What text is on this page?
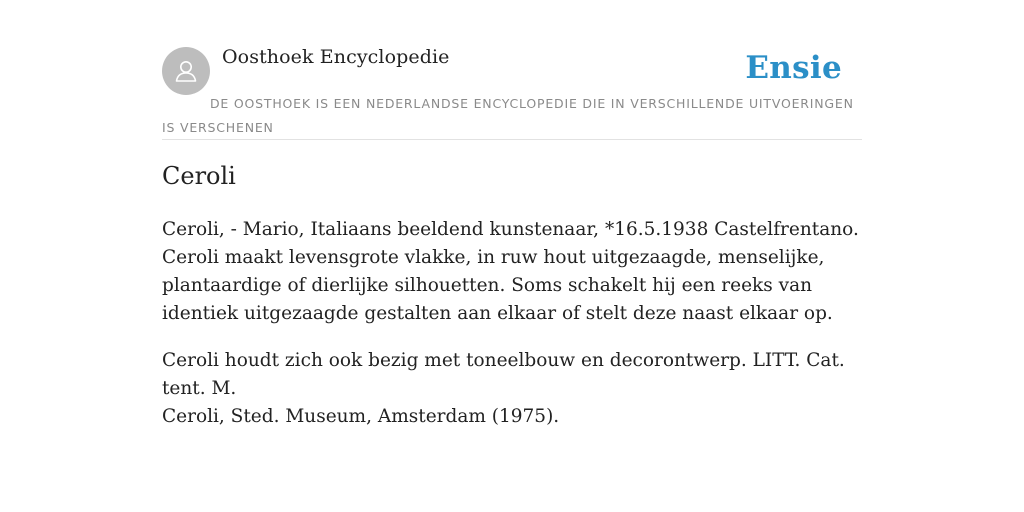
Oosthoek Encyclopedie	Ensie
DE OOSTHOEK IS EEN NEDERLANDSE ENCYCLOPEDIE DIE IN VERSCHILLENDE UITVOERINGEN IS VERSCHENEN
Ceroli

Ceroli, - Mario, Italiaans beeldend kunstenaar, *16.5.1938 Castelfrentano. Ceroli maakt levensgrote vlakke, in ruw hout uitgezaagde, menselijke, plantaardige of dierlijke silhouetten. Soms schakelt hij een reeks van identiek uitgezaagde gestalten aan elkaar of stelt deze naast elkaar op.

Ceroli houdt zich ook bezig met toneelbouw en decorontwerp. LITT. Cat. tent. M.

Ceroli, Sted. Museum, Amsterdam (1975).
